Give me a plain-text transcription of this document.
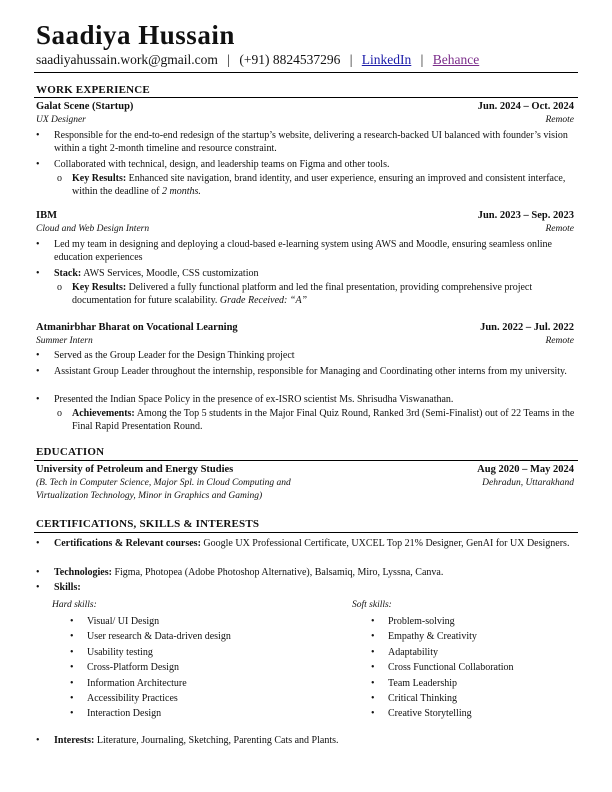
Saadiya Hussain
saadiyahussain.work@gmail.com | (+91) 8824537296 | LinkedIn | Behance
WORK EXPERIENCE
Galat Scene (Startup)	Jun. 2024 – Oct. 2024
UX Designer	Remote
• Responsible for the end-to-end redesign of the startup’s website, delivering a research-backed UI balanced with founder’s vision within a tight 2-month timeline and resource constraint.
• Collaborated with technical, design, and leadership teams on Figma and other tools.
o Key Results: Enhanced site navigation, brand identity, and user experience, ensuring an improved and consistent interface, within the deadline of 2 months.
IBM	Jun. 2023 – Sep. 2023
Cloud and Web Design Intern	Remote
• Led my team in designing and deploying a cloud-based e-learning system using AWS and Moodle, ensuring seamless online education experiences
• Stack: AWS Services, Moodle, CSS customization
o Key Results: Delivered a fully functional platform and led the final presentation, providing comprehensive project documentation for future scalability. Grade Received: “A”
Atmanirbhar Bharat on Vocational Learning	Jun. 2022 – Jul. 2022
Summer Intern	Remote
• Served as the Group Leader for the Design Thinking project
• Assistant Group Leader throughout the internship, responsible for Managing and Coordinating other interns from my university.
• Presented the Indian Space Policy in the presence of ex-ISRO scientist Ms. Shrisudha Viswanathan.
o Achievements: Among the Top 5 students in the Major Final Quiz Round, Ranked 3rd (Semi-Finalist) out of 22 Teams in the Final Rapid Presentation Round.
EDUCATION
University of Petroleum and Energy Studies	Aug 2020 – May 2024
(B. Tech in Computer Science, Major Spl. in Cloud Computing and	Dehradun, Uttarakhand
Virtualization Technology, Minor in Graphics and Gaming)
CERTIFICATIONS, SKILLS & INTERESTS
• Certifications & Relevant courses: Google UX Professional Certificate, UXCEL Top 21% Designer, GenAI for UX Designers.
• Technologies: Figma, Photopea (Adobe Photoshop Alternative), Balsamiq, Miro, Lyssna, Canva.
• Skills:
Hard skills:	Soft skills:
• Visual/ UI Design
• User research & Data-driven design
• Usability testing
• Cross-Platform Design
• Information Architecture
• Accessibility Practices
• Interaction Design
• Problem-solving
• Empathy & Creativity
• Adaptability
• Cross Functional Collaboration
• Team Leadership
• Critical Thinking
• Creative Storytelling
• Interests: Literature, Journaling, Sketching, Parenting Cats and Plants.
